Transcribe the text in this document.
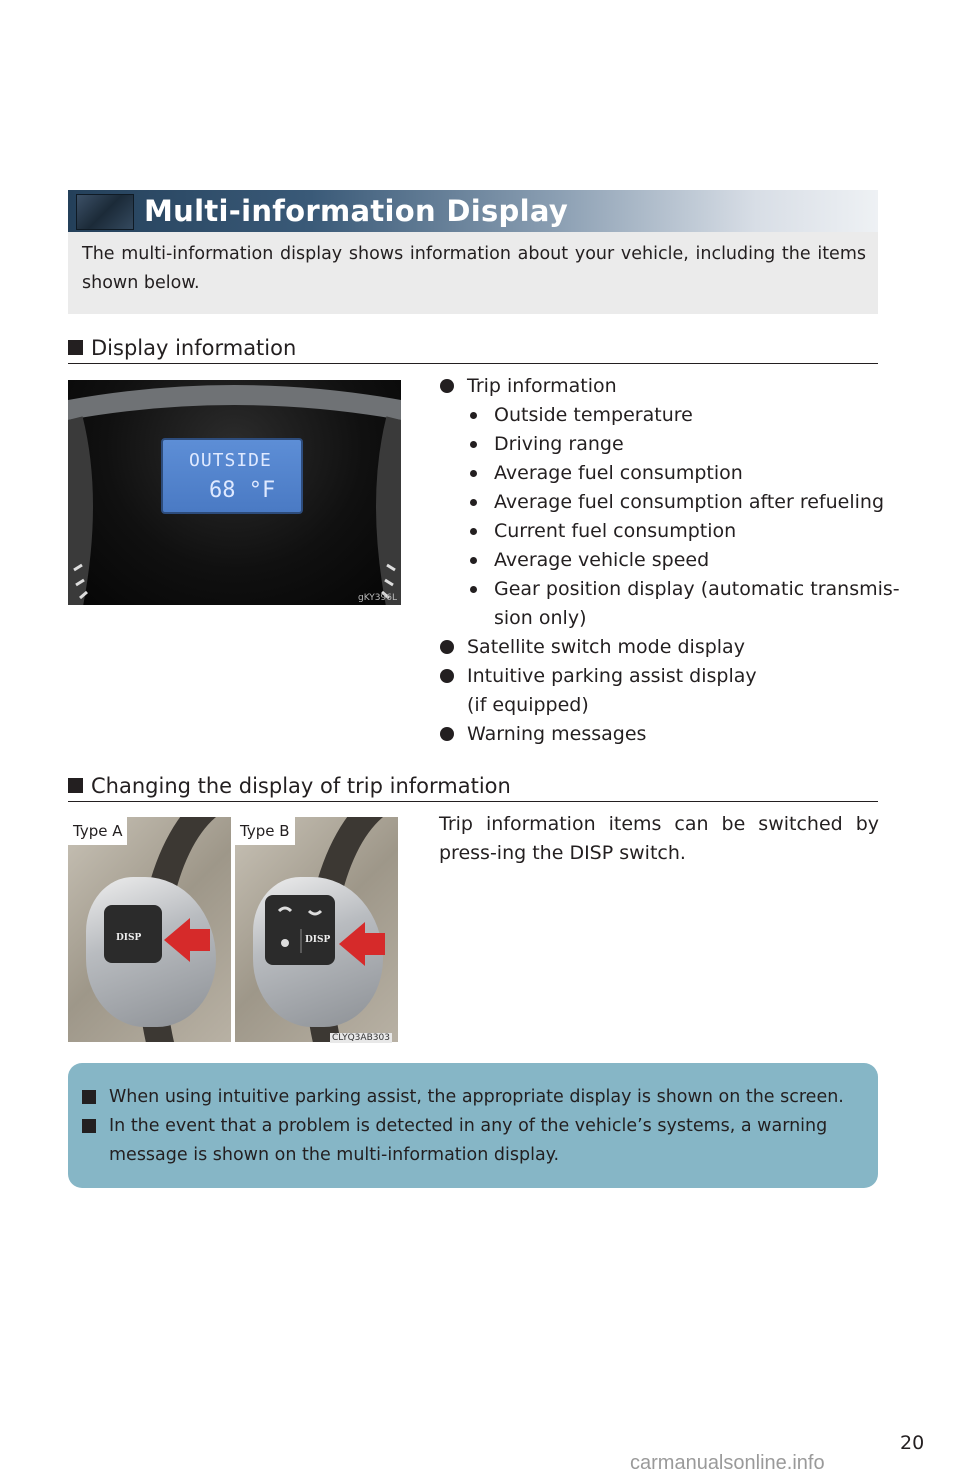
Multi-information Display
The multi-information display shows information about your vehicle, including the items shown below.
Display information
OUTSIDE
68 °F
gKY396L
Trip information
Outside temperature
Driving range
Average fuel consumption
Average fuel consumption after refueling
Current fuel consumption
Average vehicle speed
Gear position display (automatic transmis-
sion only)
Satellite switch mode display
Intuitive parking assist display
(if equipped)
Warning messages
Changing the display of trip information
DISP
Type A
DISP
Type B
CLYQ3AB303
Trip information items can be switched by press-ing the DISP switch.
When using intuitive parking assist, the appropriate display is shown on the screen.
In the event that a problem is detected in any of the vehicle’s systems, a warning message is shown on the multi-information display.
20
carmanualsonline.info
